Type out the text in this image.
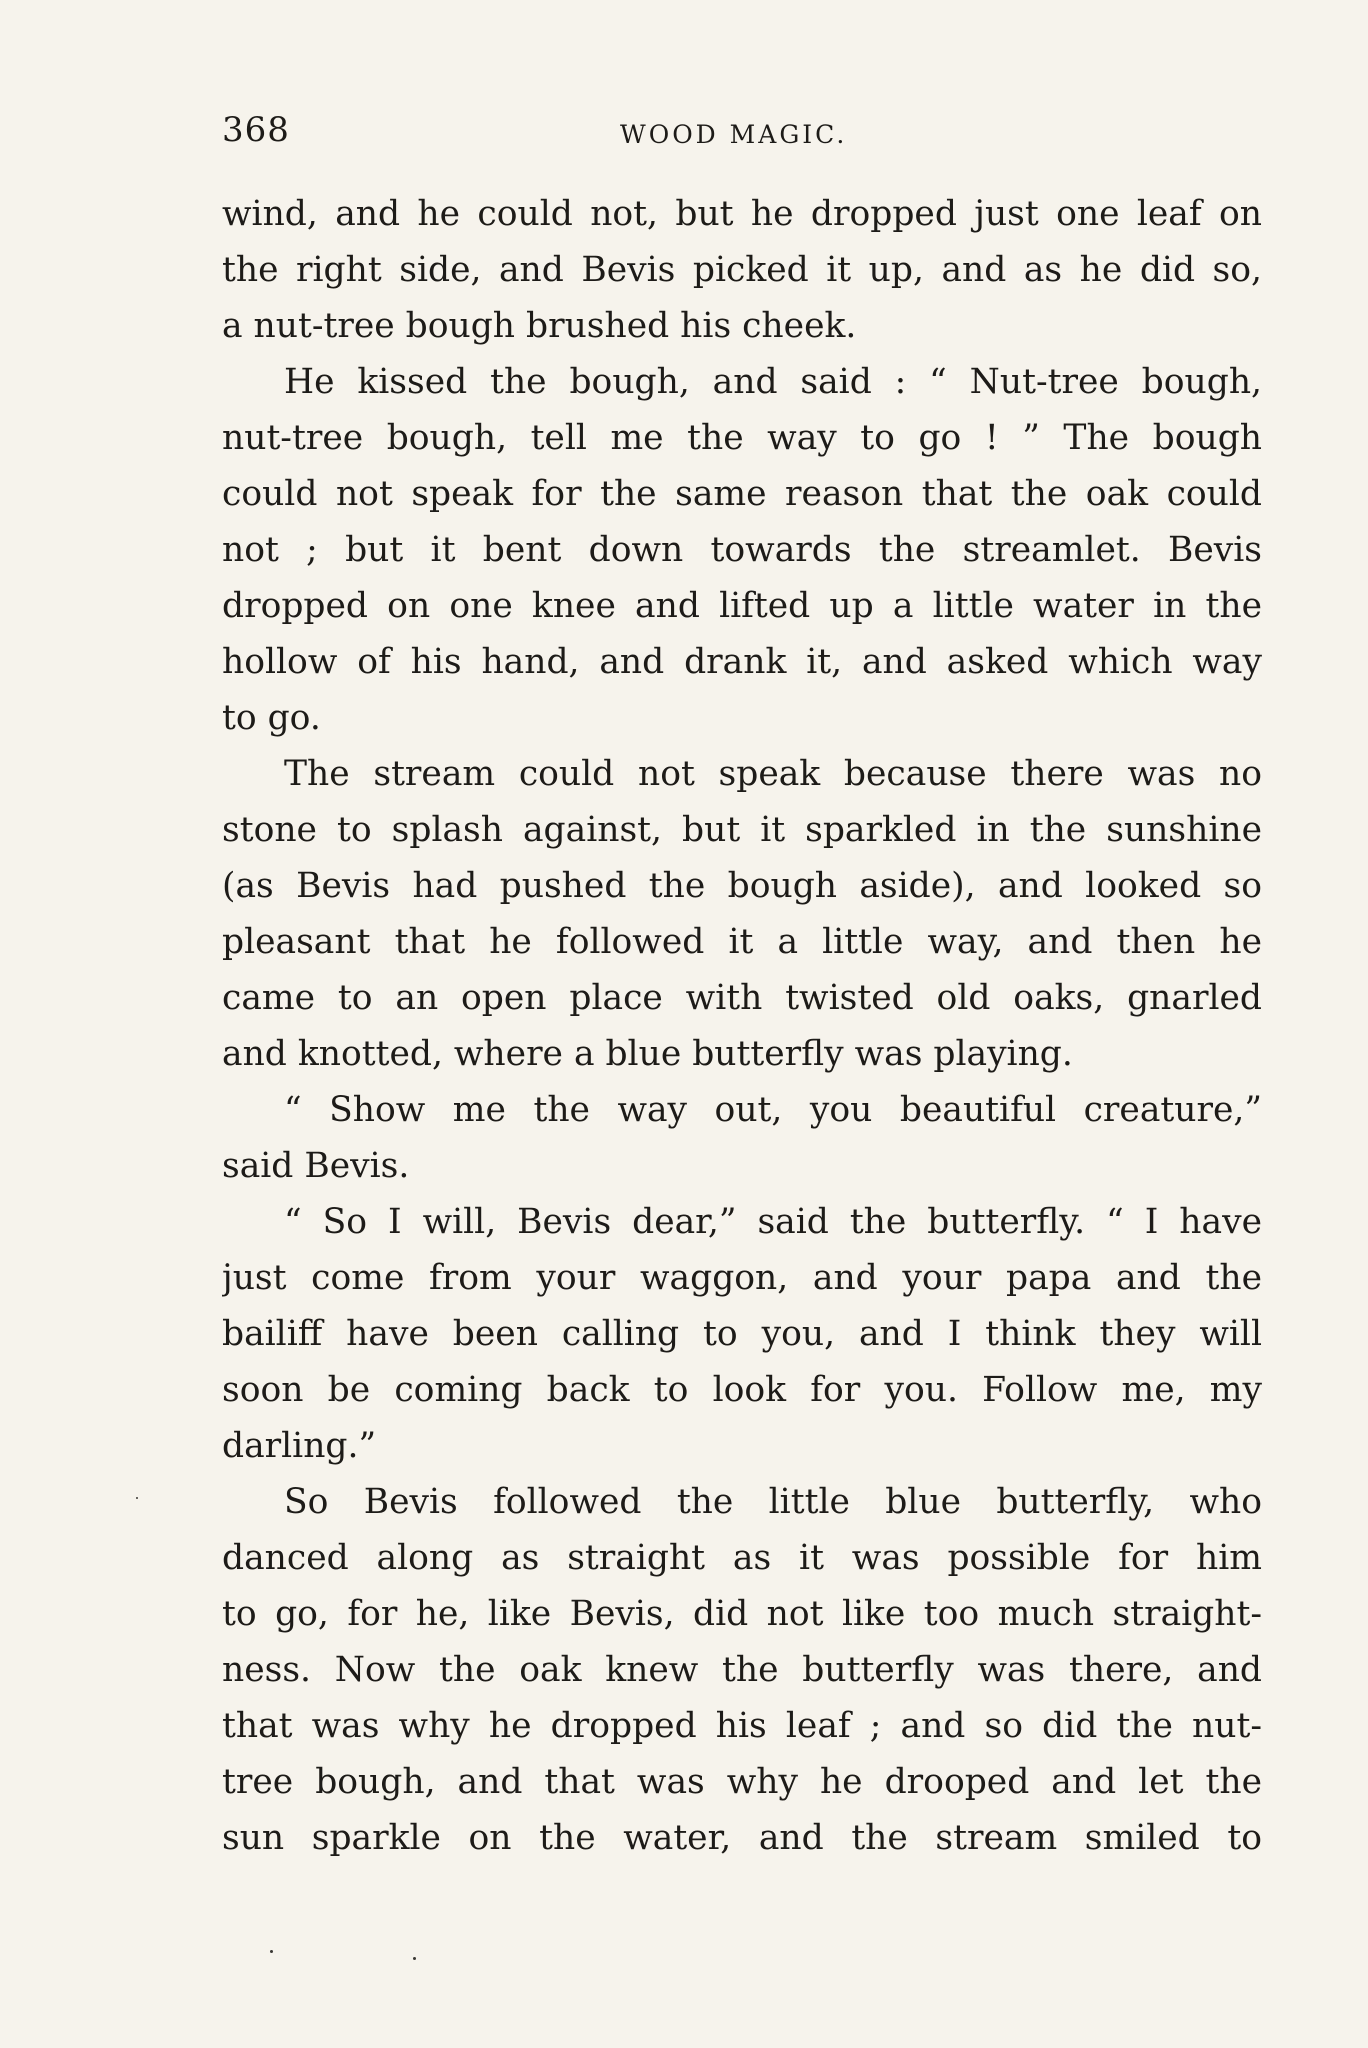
368	WOOD MAGIC.
wind, and he could not, but he dropped just one leaf on
the right side, and Bevis picked it up, and as he did so,
a nut-tree bough brushed his cheek.
He kissed the bough, and said : “ Nut-tree bough,
nut-tree bough, tell me the way to go ! ” The bough
could not speak for the same reason that the oak could
not ; but it bent down towards the streamlet. Bevis
dropped on one knee and lifted up a little water in the
hollow of his hand, and drank it, and asked which way
to go.
The stream could not speak because there was no
stone to splash against, but it sparkled in the sunshine
(as Bevis had pushed the bough aside), and looked so
pleasant that he followed it a little way, and then he
came to an open place with twisted old oaks, gnarled
and knotted, where a blue butterfly was playing.
“ Show me the way out, you beautiful creature,”
said Bevis.
“ So I will, Bevis dear,” said the butterfly. “ I have
just come from your waggon, and your papa and the
bailiff have been calling to you, and I think they will
soon be coming back to look for you. Follow me, my
darling.”
So Bevis followed the little blue butterfly, who
danced along as straight as it was possible for him
to go, for he, like Bevis, did not like too much straight-
ness. Now the oak knew the butterfly was there, and
that was why he dropped his leaf ; and so did the nut-
tree bough, and that was why he drooped and let the
sun sparkle on the water, and the stream smiled to
